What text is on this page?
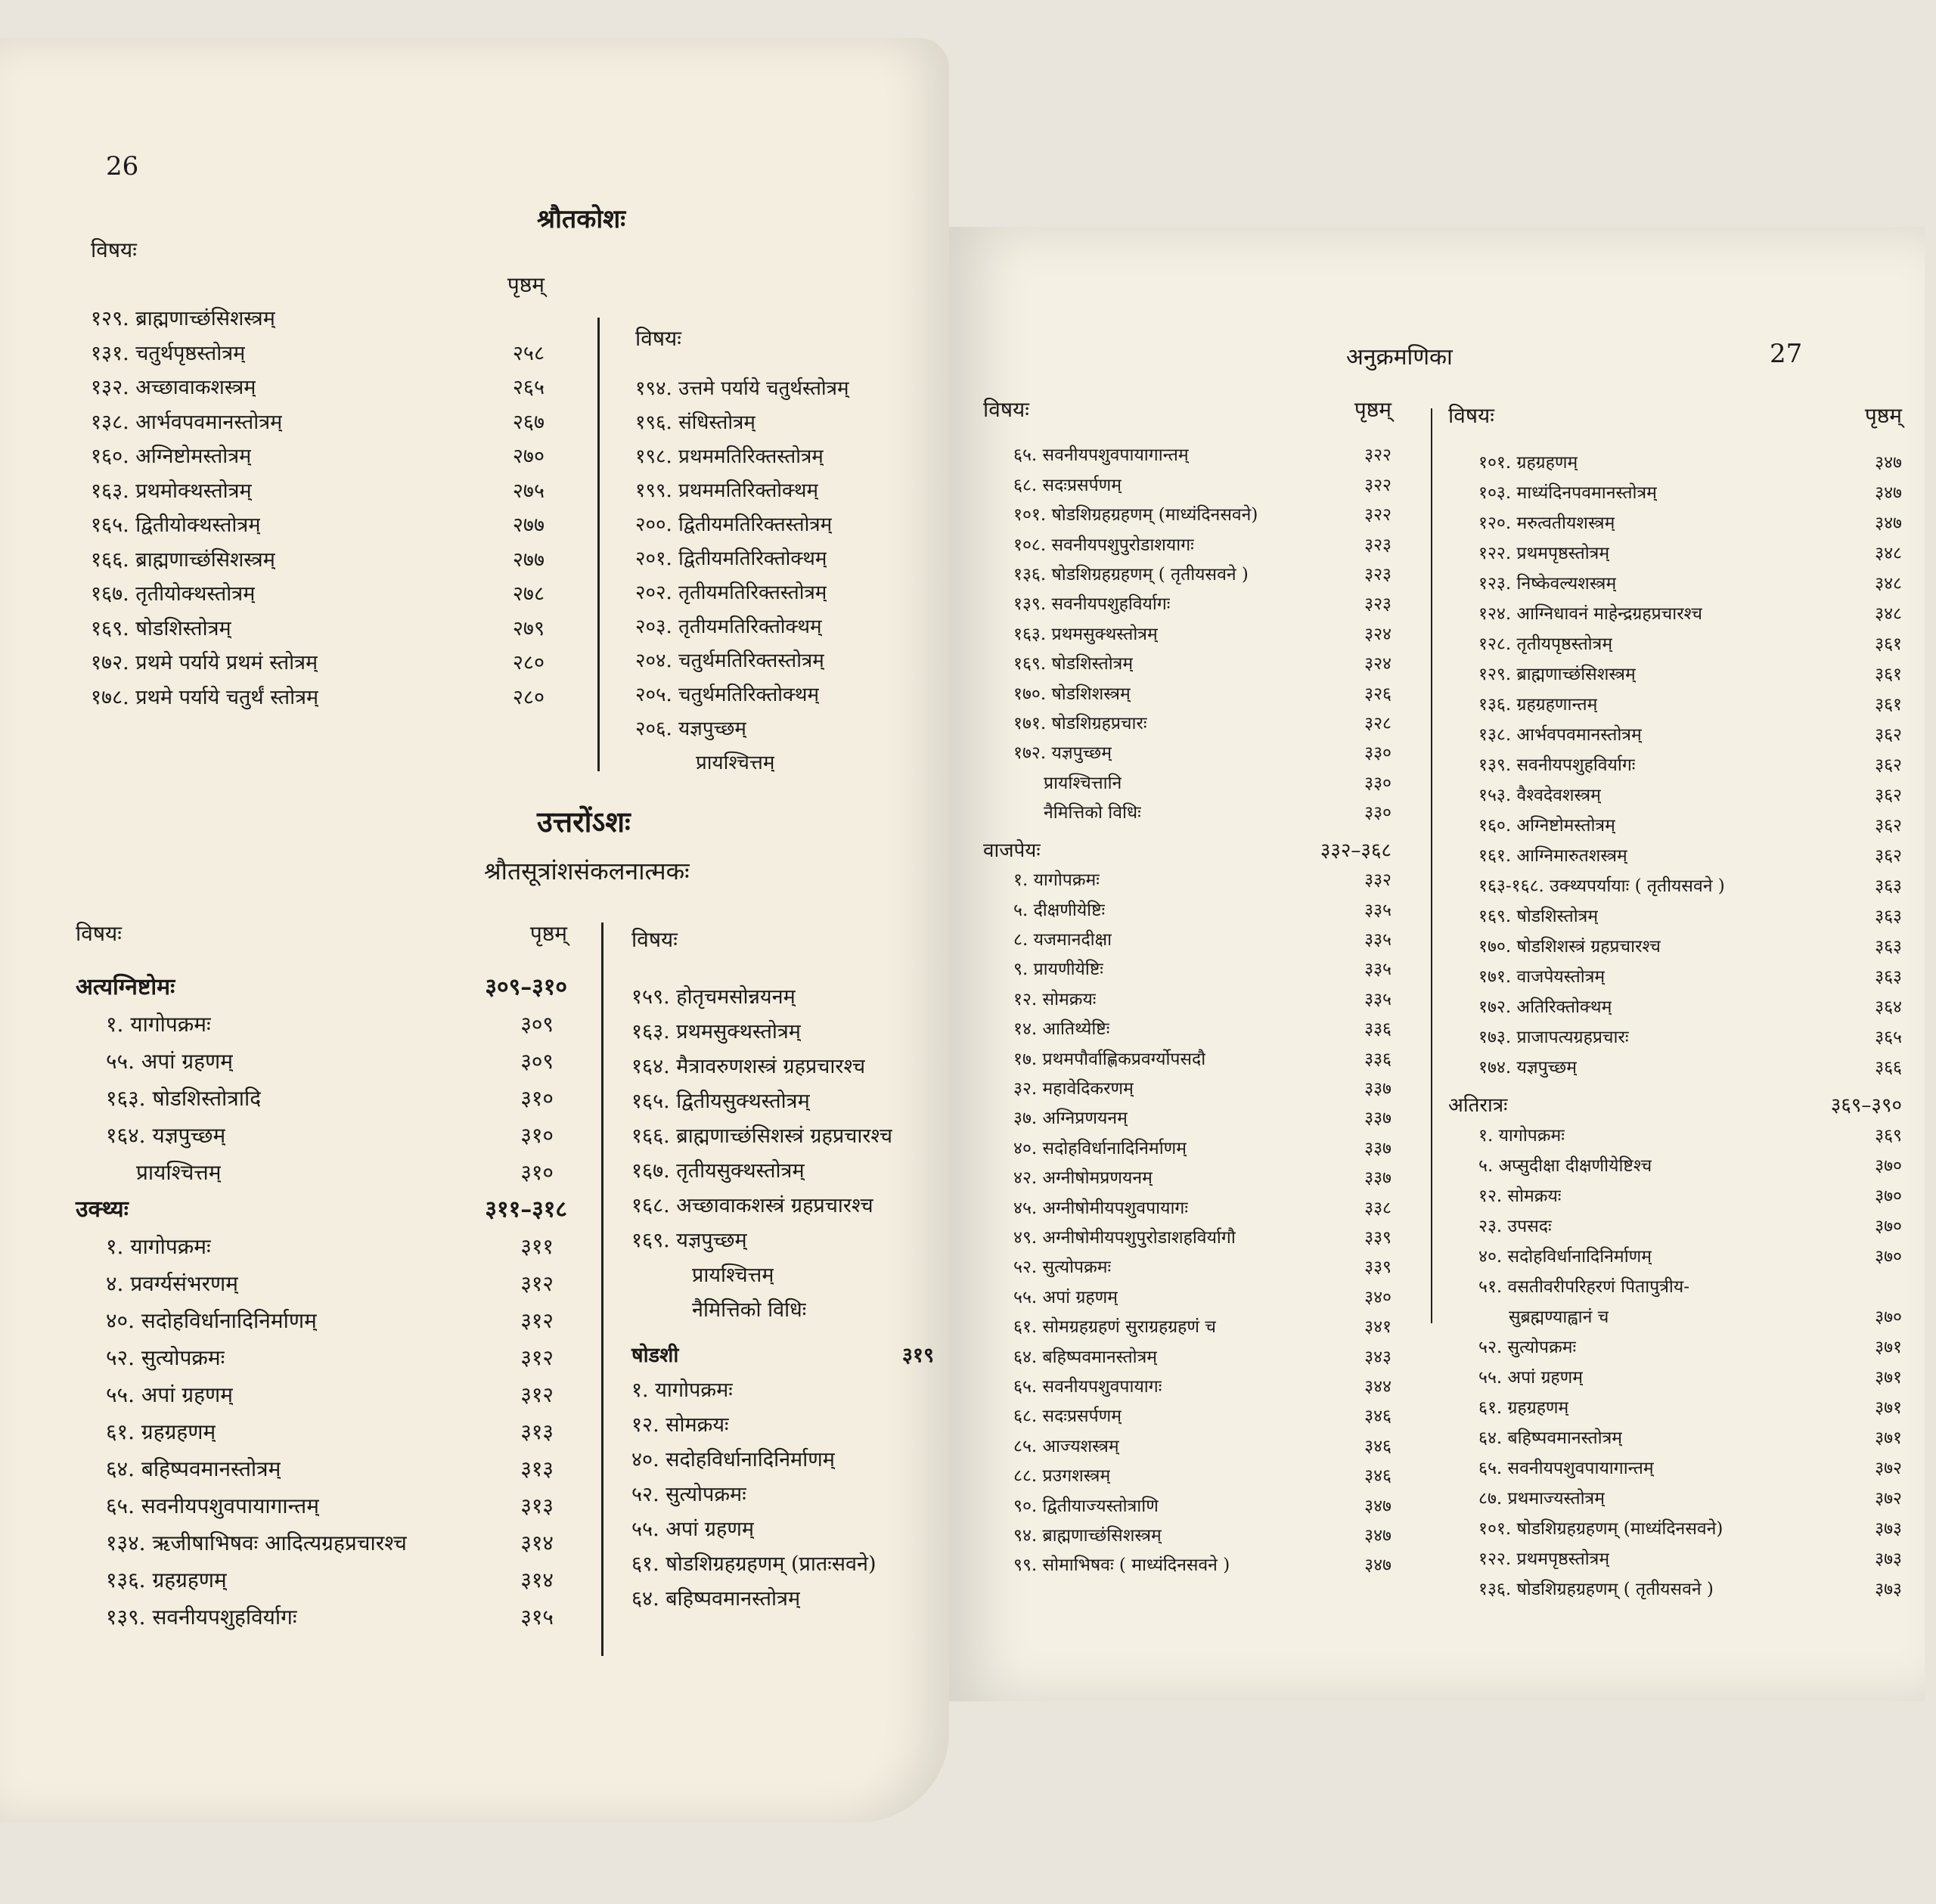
26
श्रौतकोशः
विषयः
पृष्ठम्
१२९. ब्राह्मणाच्छंसिशस्त्रम्
१३१. चतुर्थपृष्ठस्तोत्रम्	२५८
१३२. अच्छावाकशस्त्रम्	२६५
१३८. आर्भवपवमानस्तोत्रम्	२६७
१६०. अग्निष्टोमस्तोत्रम्	२७०
१६३. प्रथमोक्थस्तोत्रम्	२७५
१६५. द्वितीयोक्थस्तोत्रम्	२७७
१६६. ब्राह्मणाच्छंसिशस्त्रम्	२७७
१६७. तृतीयोक्थस्तोत्रम्	२७८
१६९. षोडशिस्तोत्रम्	२७९
१७२. प्रथमे पर्याये प्रथमं स्तोत्रम्	२८०
१७८. प्रथमे पर्याये चतुर्थं स्तोत्रम्	२८०
विषयः
१९४. उत्तमे पर्याये चतुर्थस्तोत्रम्
१९६. संधिस्तोत्रम्
१९८. प्रथममतिरिक्तस्तोत्रम्
१९९. प्रथममतिरिक्तोक्थम्
२००. द्वितीयमतिरिक्तस्तोत्रम्
२०१. द्वितीयमतिरिक्तोक्थम्
२०२. तृतीयमतिरिक्तस्तोत्रम्
२०३. तृतीयमतिरिक्तोक्थम्
२०४. चतुर्थमतिरिक्तस्तोत्रम्
२०५. चतुर्थमतिरिक्तोक्थम्
२०६. यज्ञपुच्छम्
प्रायश्चित्तम्
उत्तरोंऽशः
श्रौतसूत्रांशसंकलनात्मकः
विषयः	पृष्ठम्
अत्यग्निष्टोमः	३०९–३१०
१. यागोपक्रमः	३०९
५५. अपां ग्रहणम्	३०९
१६३. षोडशिस्तोत्रादि	३१०
१६४. यज्ञपुच्छम्	३१०
प्रायश्चित्तम्	३१०
उक्थ्यः	३११–३१८
१. यागोपक्रमः	३११
४. प्रवर्ग्यसंभरणम्	३१२
४०. सदोहविर्धानादिनिर्माणम्	३१२
५२. सुत्योपक्रमः	३१२
५५. अपां ग्रहणम्	३१२
६१. ग्रहग्रहणम्	३१३
६४. बहिष्पवमानस्तोत्रम्	३१३
६५. सवनीयपशुवपायागान्तम्	३१३
१३४. ऋजीषाभिषवः आदित्यग्रहप्रचारश्च	३१४
१३६. ग्रहग्रहणम्	३१४
१३९. सवनीयपशुहविर्यागः	३१५
विषयः
१५९. होतृचमसोन्नयनम्
१६३. प्रथमसुक्थस्तोत्रम्
१६४. मैत्रावरुणशस्त्रं ग्रहप्रचारश्च
१६५. द्वितीयसुक्थस्तोत्रम्
१६६. ब्राह्मणाच्छंसिशस्त्रं ग्रहप्रचारश्च
१६७. तृतीयसुक्थस्तोत्रम्
१६८. अच्छावाकशस्त्रं ग्रहप्रचारश्च
१६९. यज्ञपुच्छम्
प्रायश्चित्तम्
नैमित्तिको विधिः
षोडशी	३१९
१. यागोपक्रमः
१२. सोमक्रयः
४०. सदोहविर्धानादिनिर्माणम्
५२. सुत्योपक्रमः
५५. अपां ग्रहणम्
६१. षोडशिग्रहग्रहणम् (प्रातःसवने)
६४. बहिष्पवमानस्तोत्रम्
अनुक्रमणिका	27
विषयः	पृष्ठम्
६५. सवनीयपशुवपायागान्तम्	३२२
६८. सदःप्रसर्पणम्	३२२
१०१. षोडशिग्रहग्रहणम् (माध्यंदिनसवने)	३२२
१०८. सवनीयपशुपुरोडाशयागः	३२३
१३६. षोडशिग्रहग्रहणम् ( तृतीयसवने )	३२३
१३९. सवनीयपशुहविर्यागः	३२३
१६३. प्रथमसुक्थस्तोत्रम्	३२४
१६९. षोडशिस्तोत्रम्	३२४
१७०. षोडशिशस्त्रम्	३२६
१७१. षोडशिग्रहप्रचारः	३२८
१७२. यज्ञपुच्छम्	३३०
प्रायश्चित्तानि	३३०
नैमित्तिको विधिः	३३०
वाजपेयः	३३२–३६८
१. यागोपक्रमः	३३२
५. दीक्षणीयेष्टिः	३३५
८. यजमानदीक्षा	३३५
९. प्रायणीयेष्टिः	३३५
१२. सोमक्रयः	३३५
१४. आतिथ्येष्टिः	३३६
१७. प्रथमपौर्वाह्णिकप्रवर्ग्योपसदौ	३३६
३२. महावेदिकरणम्	३३७
३७. अग्निप्रणयनम्	३३७
४०. सदोहविर्धानादिनिर्माणम्	३३७
४२. अग्नीषोमप्रणयनम्	३३७
४५. अग्नीषोमीयपशुवपायागः	३३८
४९. अग्नीषोमीयपशुपुरोडाशहविर्यागौ	३३९
५२. सुत्योपक्रमः	३३९
५५. अपां ग्रहणम्	३४०
६१. सोमग्रहग्रहणं सुराग्रहग्रहणं च	३४१
६४. बहिष्पवमानस्तोत्रम्	३४३
६५. सवनीयपशुवपायागः	३४४
६८. सदःप्रसर्पणम्	३४६
८५. आज्यशस्त्रम्	३४६
८८. प्रउगशस्त्रम्	३४६
९०. द्वितीयाज्यस्तोत्राणि	३४७
९४. ब्राह्मणाच्छंसिशस्त्रम्	३४७
९९. सोमाभिषवः ( माध्यंदिनसवने )	३४७
विषयः	पृष्ठम्
१०१. ग्रहग्रहणम्	३४७
१०३. माध्यंदिनपवमानस्तोत्रम्	३४७
१२०. मरुत्वतीयशस्त्रम्	३४७
१२२. प्रथमपृष्ठस्तोत्रम्	३४८
१२३. निष्केवल्यशस्त्रम्	३४८
१२४. आग्निधावनं माहेन्द्रग्रहप्रचारश्च	३४८
१२८. तृतीयपृष्ठस्तोत्रम्	३६१
१२९. ब्राह्मणाच्छंसिशस्त्रम्	३६१
१३६. ग्रहग्रहणान्तम्	३६१
१३८. आर्भवपवमानस्तोत्रम्	३६२
१३९. सवनीयपशुहविर्यागः	३६२
१५३. वैश्वदेवशस्त्रम्	३६२
१६०. अग्निष्टोमस्तोत्रम्	३६२
१६१. आग्निमारुतशस्त्रम्	३६२
१६३-१६८. उक्थ्यपर्यायाः ( तृतीयसवने )	३६३
१६९. षोडशिस्तोत्रम्	३६३
१७०. षोडशिशस्त्रं ग्रहप्रचारश्च	३६३
१७१. वाजपेयस्तोत्रम्	३६३
१७२. अतिरिक्तोक्थम्	३६४
१७३. प्राजापत्यग्रहप्रचारः	३६५
१७४. यज्ञपुच्छम्	३६६
अतिरात्रः	३६९–३९०
१. यागोपक्रमः	३६९
५. अप्सुदीक्षा दीक्षणीयेष्टिश्च	३७०
१२. सोमक्रयः	३७०
२३. उपसदः	३७०
४०. सदोहविर्धानादिनिर्माणम्	३७०
५१. वसतीवरीपरिहरणं पितापुत्रीय-
सुब्रह्मण्याह्वानं च	३७०
५२. सुत्योपक्रमः	३७१
५५. अपां ग्रहणम्	३७१
६१. ग्रहग्रहणम्	३७१
६४. बहिष्पवमानस्तोत्रम्	३७१
६५. सवनीयपशुवपायागान्तम्	३७२
८७. प्रथमाज्यस्तोत्रम्	३७२
१०१. षोडशिग्रहग्रहणम् (माध्यंदिनसवने)	३७३
१२२. प्रथमपृष्ठस्तोत्रम्	३७३
१३६. षोडशिग्रहग्रहणम् ( तृतीयसवने )	३७३
